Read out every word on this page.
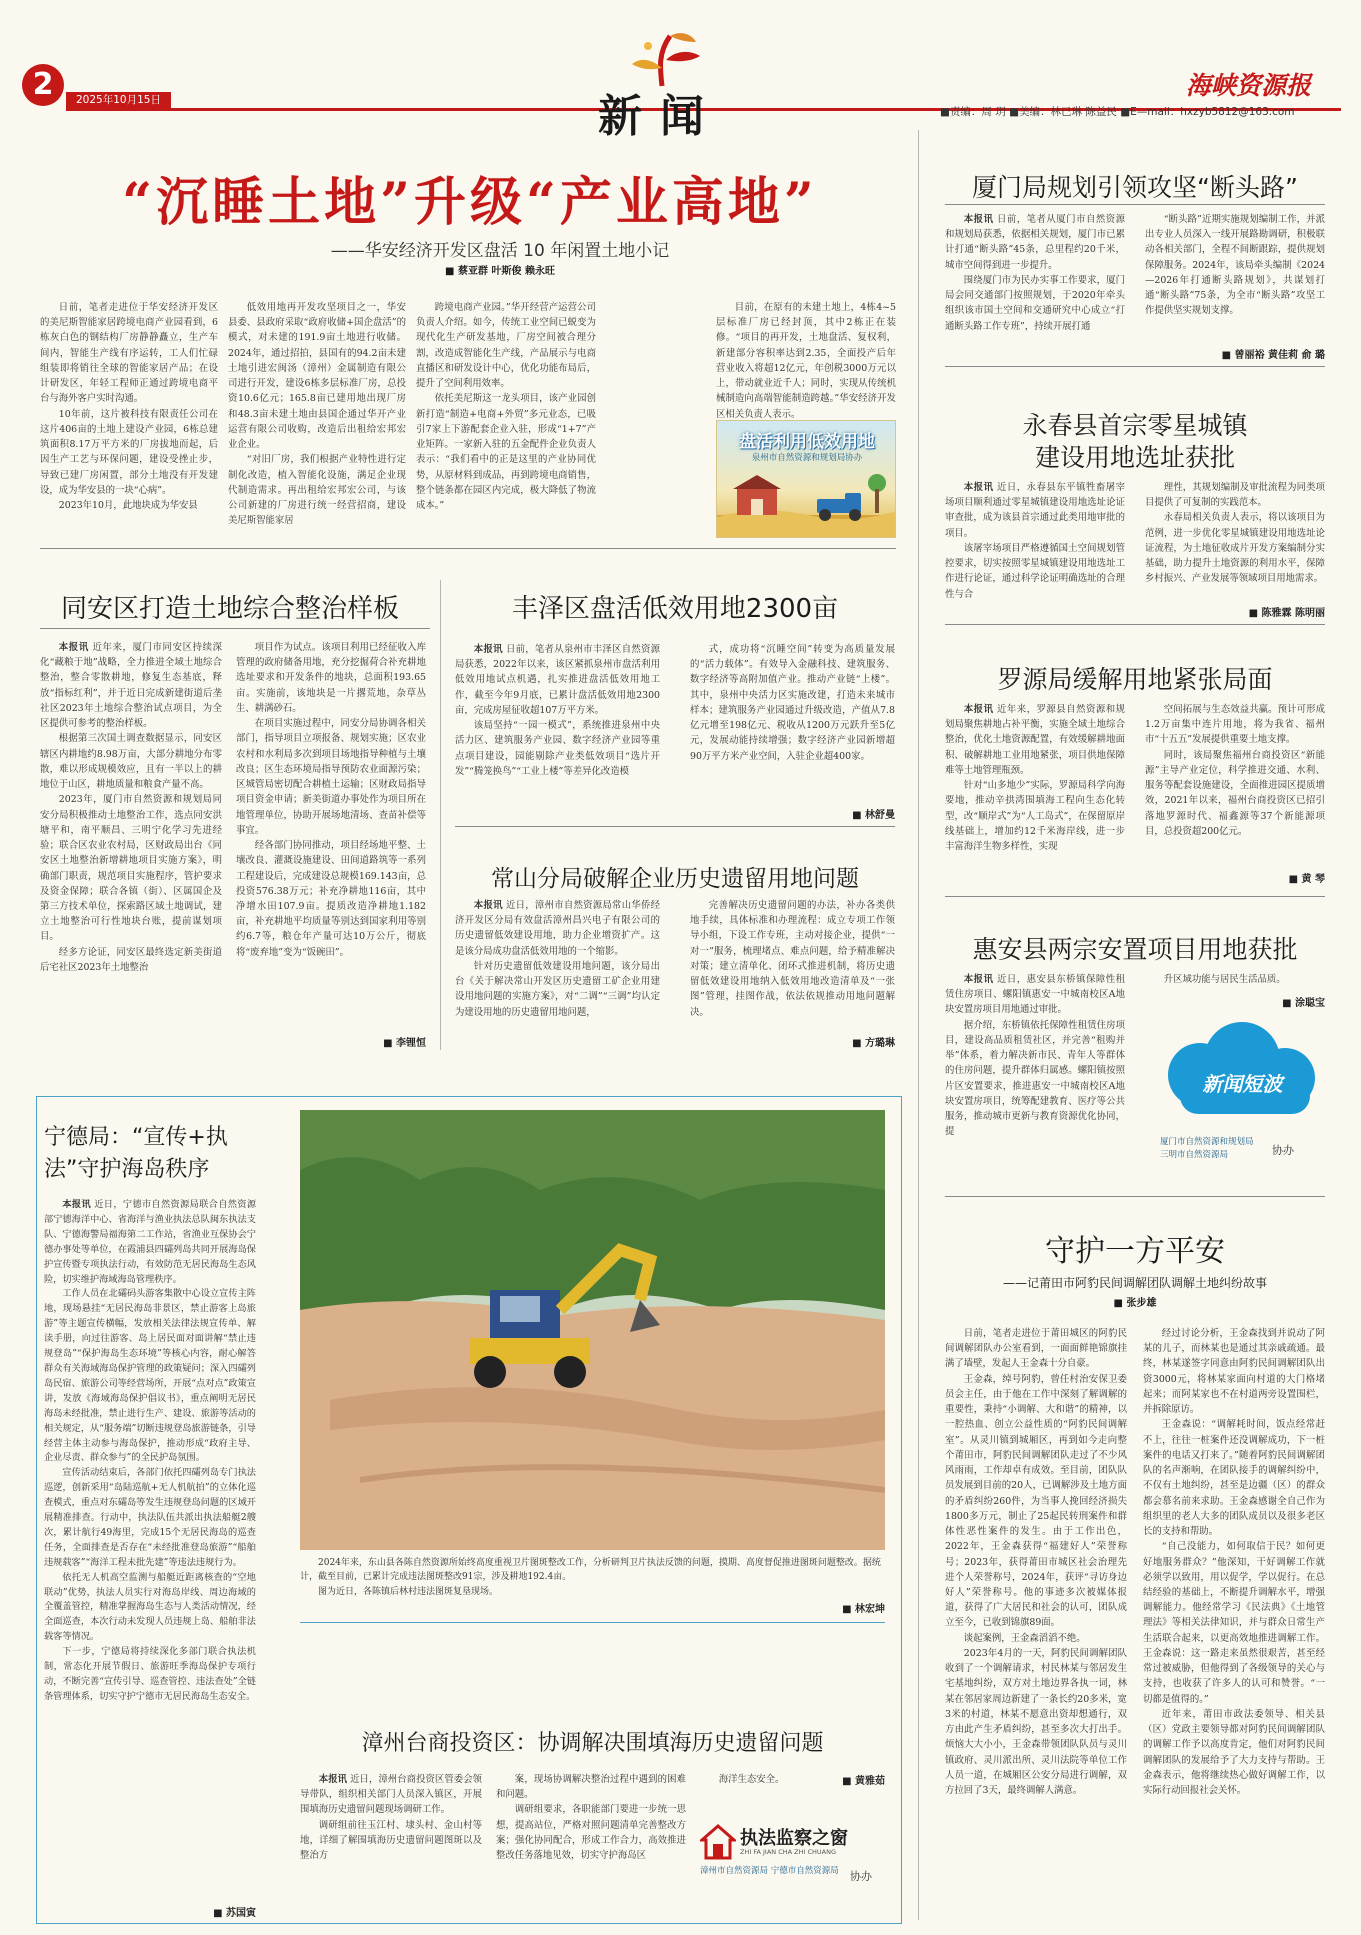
2	2025年10月15日	新闻	■责编：周 玥 ■美编：林已琳 陈益民 ■E—mail：hxzyb5812@163.com
海峡资源报
“沉睡土地”升级“产业高地”
——华安经济开发区盘活 10 年闲置土地小记
■ 蔡亚群 叶斯俊 赖永旺

日前，笔者走进位于华安经济开发区的美尼斯智能家居跨境电商产业园看到，6栋灰白色的钢结构厂房静静矗立，生产车间内，智能生产线有序运转，工人们忙碌组装即将销往全球的智能家居产品；在设计研发区，年轻工程师正通过跨境电商平台与海外客户实时沟通。

10年前，这片被科技有限责任公司在这片406亩的土地上建设产业园，6栋总建筑面积8.17万平方米的厂房拔地而起，后因生产工艺与环保问题，建设受挫止步，导致已建厂房闲置，部分土地没有开发建设，成为华安县的一块“心病”。

2023年10月，此地块成为华安县

低效用地再开发攻坚项目之一，华安县委、县政府采取“政府收储+国企盘活”的模式，对未建的191.9亩土地进行收储。2024年，通过招拍，县国有的94.2亩未建土地引进宏闽汤（漳州）金属制造有限公司进行开发，建设6栋多层标准厂房，总投资10.6亿元；165.8亩已建用地出现厂房和48.3亩未建土地由县国企通过华开产业运营有限公司收购，改造后出租给宏邦宏业企业。

“对旧厂房，我们根据产业特性进行定制化改造，植入智能化设施，满足企业现代制造需求。再出租给宏邦宏公司，与该公司新建的厂房进行统一经营招商，建设美尼斯智能家居

跨境电商产业园。”华开经营产运营公司负责人介绍。如今，传统工业空间已蜕变为现代化生产研发基地，厂房空间被合理分割，改造成智能化生产线，产品展示与电商直播区和研发设计中心，优化功能布局后，提升了空间利用效率。

依托美尼斯这一龙头项目，该产业园创新打造“制造+电商+外贸”多元业态，已吸引7家上下游配套企业入驻，形成“1+7”产业矩阵。一家新入驻的五金配件企业负责人表示：“我们看中的正是这里的产业协同优势，从原材料到成品，再到跨境电商销售，整个链条都在园区内完成，极大降低了物流成本。”

目前，在原有的未建土地上，4栋4~5层标准厂房已经封顶，其中2栋正在装修。“项目的再开发，土地盘活、复权利，新建部分容积率达到2.35，全面投产后年营业收入将超12亿元，年创税3000万元以上，带动就业近千人；同时，实现从传统机械制造向高端智能制造跨越。”华安经济开发区相关负责人表示。

盘活利用低效用地
泉州市自然资源和规划局协办
厦门局规划引领攻坚“断头路”

本报讯 日前，笔者从厦门市自然资源和规划局获悉，依据相关规划，厦门市已累计打通“断头路”45条，总里程约20千米，城市空间得到进一步提升。

围绕厦门市为民办实事工作要求，厦门局会同交通部门按照规划，于2020年牵头组织该市国土空间和交通研究中心成立“打通断头路工作专班”，持续开展打通

“断头路”近期实施规划编制工作，并派出专业人员深入一线开展路勘调研，积极联动各相关部门，全程不间断跟踪，提供规划保障服务。2024年，该局牵头编制《2024—2026年打通断头路规划》，共谋划打通“断头路”75条，为全市“断头路”攻坚工作提供坚实规划支撑。

■ 曾丽裕 黄佳莉 俞 璐
永春县首宗零星城镇
建设用地选址获批

本报讯 近日，永春县东平镇牲畜屠宰场项目顺利通过零星城镇建设用地选址论证审查批，成为该县首宗通过此类用地审批的项目。

该屠宰场项目严格遵循国土空间规划管控要求，切实按照零星城镇建设用地选址工作进行论证，通过科学论证明确选址的合理性与合

理性，其规划编制及审批流程为同类项目提供了可复制的实践范本。

永春局相关负责人表示，将以该项目为范例，进一步优化零星城镇建设用地选址论证流程，为土地征收成片开发方案编制分实基础，助力提升土地资源的利用水平，保障乡村振兴、产业发展等领域项目用地需求。

■ 陈雅霖 陈明丽
同安区打造土地综合整治样板

本报讯 近年来，厦门市同安区持续深化“藏粮于地”战略，全力推进全域土地综合整治，整合零散耕地，修复生态基底，释放“指标红利”，并于近日完成新建街道后垄社区2023年土地综合整治试点项目，为全区提供可参考的整治样板。

根据第三次国土调查数据显示，同安区辖区内耕地约8.98万亩，大部分耕地分布零散，难以形成规模效应，且有一半以上的耕地位于山区，耕地质量和粮食产量不高。

2023年，厦门市自然资源和规划局同安分局积极推动土地整治工作，选点同安洪塘平和，南平顺昌、三明宁化学习先进经验；联合区农业农村局，区财政局出台《同安区土地整治新增耕地项目实施方案》，明确部门职责，规范项目实施程序，管护要求及资金保障；联合各镇（街）、区属国企及第三方技术单位，探索路区域土地调试，建立土地整治可行性地块台账，提前谋划项目。

经多方论证，同安区最终选定新美街道后宅社区2023年土地整治

项目作为试点。该项目利用已经征收入库管理的政府储备用地，充分挖掘荷合补充耕地选址要求和开发条件的地块，总面积193.65亩。实施前，该地块是一片撂荒地，杂草丛生、耕满砂石。

在项目实施过程中，同安分局协调各相关部门，指导项目立项报备、规划实施；区农业农村和水利局多次到项目场地指导种植与土壤改良；区生态环境局指导预防农业面源污染；区城管局密切配合耕植土运输；区财政局指导项目资金申请；新美街道办事处作为项目所在地管理单位，协助开展场地清场、查苗补偿等事宜。

经各部门协同推动，项目经场地平整、土壤改良、灌溉设施建设、田间道路筑等一系列工程建设后，完成建设总规模169.143亩，总投资576.38万元；补充净耕地116亩，其中净增水田107.9亩。提质改造净耕地1.182亩，补充耕地平均质量等别达到国家利用等别约6.7等，粮仓年产量可达10万公斤，彻底将“废弃地”变为“饭碗田”。

■ 李锂恒
丰泽区盘活低效用地2300亩

本报讯 日前，笔者从泉州市丰泽区自然资源局获悉，2022年以来，该区紧抓泉州市盘活利用低效用地试点机遇，扎实推进盘活低效用地工作，截至今年9月底，已累计盘活低效用地2300亩，完成房屋征收超107万平方米。

该局坚持“一园一模式”，系统推进泉州中央活力区、建筑服务产业园、数字经济产业园等重点项目建设，园能剔除产业类低效项目“选片开发”“腾笼换鸟”“工业上楼”等差异化改造模

式，成功将“沉睡空间”转变为高质量发展的“活力载体”。有效导入金融科技、建筑服务、数字经济等高附加值产业。推动产业链“上楼”。其中，泉州中央活力区实施改建，打造未来城市样本；建筑服务产业园通过升级改造，产值从7.8亿元增至198亿元、税收从1200万元跃升至5亿元，发展动能持续增强；数字经济产业园新增超90万平方米产业空间，入驻企业超400家。

■ 林舒曼
常山分局破解企业历史遗留用地问题

本报讯 近日，漳州市自然资源局常山华侨经济开发区分局有效盘活漳州昌兴电子有限公司的历史遗留低效建设用地，助力企业增资扩产。这是该分局成功盘活低效用地的一个缩影。

针对历史遗留低效建设用地问题，该分局出台《关于解决常山开发区历史遗留工矿企业用建设用地问题的实施方案》，对“二调”“三调”均认定为建设用地的历史遗留用地问题，

完善解决历史遗留问题的办法，补办各类供地手续，具体标准和办理流程：成立专项工作领导小组，下设工作专班，主动对接企业，提供“一对一”服务，梳理堵点、难点问题，给予精准解决对策；建立清单化、闭环式推进机制，将历史遗留低效建设用地纳入低效用地改造清单及“一张图”管理，挂图作战，依法依规推动用地问题解决。

■ 方璐琳
罗源局缓解用地紧张局面

本报讯 近年来，罗源县自然资源和规划局聚焦耕地占补平衡，实施全域土地综合整治，优化土地资源配置，有效缓解耕地面积、破解耕地工业用地紧张，项目供地保障难等土地管理瓶颈。

针对“山多地少”实际，罗源局科学向海要地，推动辛拱湾围填海工程向生态化转型，改“顺岸式”为“人工岛式”，在保留原岸线基础上，增加约12千米海岸线，进一步丰富海洋生物多样性，实现

空间拓展与生态效益共赢。预计可形成1.2万亩集中连片用地，将为我省、福州市“十五五”发展提供重要土地支撑。

同时，该局聚焦福州台商投资区“新能源”主导产业定位，科学推进交通、水利、服务等配套设施建设，全面推进园区提质增效，2021年以来，福州台商投资区已招引落地罗源时代、福鑫源等37个新能源项目，总投资超200亿元。

■ 黄 琴
惠安县两宗安置项目用地获批

本报讯 近日，惠安县东桥镇保障性租赁住房项目、螺阳镇惠安一中城南校区A地块安置房项目用地通过审批。

据介绍，东桥镇依托保障性租赁住房项目，建设高品质租赁社区，并完善“租购并举”体系，着力解决新市民、青年人等群体的住房问题，提升群体归属感。螺阳镇按照片区安置要求，推进惠安一中城南校区A地块安置房项目，统筹配建教育、医疗等公共服务，推动城市更新与教育资源优化协同，提

升区域功能与居民生活品质。

■ 涂聪宝
新闻短波
厦门市自然资源和规划局
三明市自然资源局	协办
宁德局：“宣传+执
法”守护海岛秩序

本报讯 近日，宁德市自然资源局联合自然资源部宁德海洋中心、省海洋与渔业执法总队闽东执法支队、宁德海警局福海第二工作站，省渔业互保协会宁德办事处等单位，在霞浦县四礵列岛共同开展海岛保护宣传暨专项执法行动，有效防范无居民海岛生态风险，切实维护海域海岛管理秩序。

工作人员在北礵码头游客集散中心设立宣传主阵地，现场悬挂“无居民海岛非景区，禁止游客上岛旅游”等主题宣传横幅，发放相关法律法规宣传单、解读手册，向过往游客、岛上居民面对面讲解“禁止违规登岛”“保护海岛生态环境”等核心内容，耐心解答群众有关海域海岛保护管理的政策疑问；深入四礵列岛民宿、旅游公司等经营场所，开展“点对点”政策宣讲，发放《海域海岛保护倡议书》，重点阐明无居民海岛未经批准，禁止进行生产、建设、旅游等活动的相关规定，从“服务端”切断违规登岛旅游链条，引导经营主体主动参与海岛保护，推动形成“政府主导、企业尽责、群众参与”的全民护岛氛围。

宣传活动结束后，各部门依托四礵列岛专门执法巡逻，创新采用“岛陆巡航+无人机航拍”的立体化巡查模式，重点对东礵岛等发生违规登岛问题的区域开展精准排查。行动中，执法队伍共派出执法船艇2艘次，累计航行49海里，完成15个无居民海岛的巡查任务，全面排查是否存在“未经批准登岛旅游”“船舶违规载客”“海洋工程未批先建”等违法违规行为。

依托无人机高空监测与船艇近距离核查的“空地联动”优势，执法人员实行对海岛岸线、周边海域的全覆盖管控，精准掌握海岛生态与人类活动情况，经全面巡查，本次行动未发现人员违规上岛、船舶非法载客等情况。

下一步，宁德局将持续深化多部门联合执法机制，常态化开展节假日、旅游旺季海岛保护专项行动，不断完善“宣传引导、巡查管控、违法查处”全链条管理体系，切实守护宁德市无居民海岛生态安全。

■ 苏国寅

2024年来，东山县各陈自然资源所始终高度重视卫片图斑整改工作，分析研判卫片执法反馈的问题，摸期、高度督促推进图斑问题整改。据统计，截至目前，已累计完成违法图斑整改91宗，涉及耕地192.4亩。

图为近日，各陈镇后林村违法图斑复垦现场。

■ 林宏坤
漳州台商投资区：协调解决围填海历史遗留问题

本报讯 近日，漳州台商投资区管委会领导带队，组织相关部门人员深入镇区，开展围填海历史遗留问题现场调研工作。

调研组前往玉江村、埭头村、金山村等地，详细了解围填海历史遗留问题图斑以及整治方

案，现场协调解决整治过程中遇到的困难和问题。

调研组要求，各职能部门要进一步统一思想，提高站位，严格对照问题清单完善整改方案；强化协同配合，形成工作合力，高效推进整改任务落地见效，切实守护海岛区

海洋生态安全。	■ 黄雅茹
执法监察之窗
ZHI FA JIAN CHA ZHI CHUANG
漳州市自然资源局 宁德市自然资源局	协办
守护一方平安
——记莆田市阿豹民间调解团队调解土地纠纷故事
■ 张步雄

日前，笔者走进位于莆田城区的阿豹民间调解团队办公室看到，一面面鲜艳锦旗挂满了墙壁，发起人王金森十分自豪。

王金森，绰号阿豹，曾任村治安保卫委员会主任，由于他在工作中深刻了解调解的重要性，秉持“小调解、大和谐”的精神，以一腔热血、创立公益性质的“阿豹民间调解室”。从灵川镇到城厢区，再到如今走向整个莆田市，阿豹民间调解团队走过了不少风风雨雨，工作却卓有成效。至目前，团队队员发展到目前的20人，已调解涉及土地方面的矛盾纠纷260件，为当事人挽回经济损失1800多万元，制止了25起民转刑案件和群体性恶性案件的发生。由于工作出色，2022年，王金森获得“福建好人”荣誉称号；2023年，获得莆田市城区社会治理先进个人荣誉称号，2024年，获评“寻访身边好人”荣誉称号。他的事迹多次被媒体报道，获得了广大居民和社会的认可，团队成立至今，已收到锦旗89面。

谈起案例，王金森滔滔不绝。

2023年4月的一天，阿豹民间调解团队收到了一个调解请求，村民林某与邻居发生宅基地纠纷，双方对土地边界各执一词，林某在邻居家周边新建了一条长约20多米，宽3米的村道，林某不愿意出资却想通行，双方由此产生矛盾纠纷，甚至多次大打出手。烦恼大大小小，王金森带领团队队员与灵川镇政府、灵川派出所、灵川法院等单位工作人员一道，在城厢区公安分局进行调解，双方拉回了3天，最终调解人满意。

经过讨论分析，王金森找到并说动了阿某的儿子，而林某也是通过其亲戚疏通。最终，林某遂签字同意由阿豹民间调解团队出资3000元，将林某家面向村道的大门格堵起来；而阿某家也不在村道两旁设置围栏，并拆除原访。

王金森说：“调解耗时间，饭点经常赶不上，往往一桩案件还没调解成功，下一桩案件的电话又打来了。”随着阿豹民间调解团队的名声渐响，在团队接手的调解纠纷中，不仅有土地纠纷，甚至是边疆（区）的群众都会慕名前来求助。王金森感谢全自己作为组织里的老人大多的团队成员以及很多老区长的支持和帮助。

“自己没能力，如何取信于民？如何更好地服务群众？”他深知，干好调解工作就必须学以致用，用以促学，学以促行。在总结经验的基础上，不断提升调解水平，增强调解能力。他经常学习《民法典》《土地管理法》等相关法律知识，并与群众日常生产生活联合起来，以更高效地推进调解工作。王金森说：这一路走来虽然很艰苦，甚至经常过被威胁，但他得到了各级领导的关心与支持，也收获了许多人的认可和赞誉。“一切都是值得的。”

近年来，莆田市政法委领导、相关县（区）党政主要领导都对阿豹民间调解团队的调解工作予以高度肯定，他们对阿豹民间调解团队的发展给予了大力支持与帮助。王金森表示，他将继续热心做好调解工作，以实际行动回报社会关怀。
